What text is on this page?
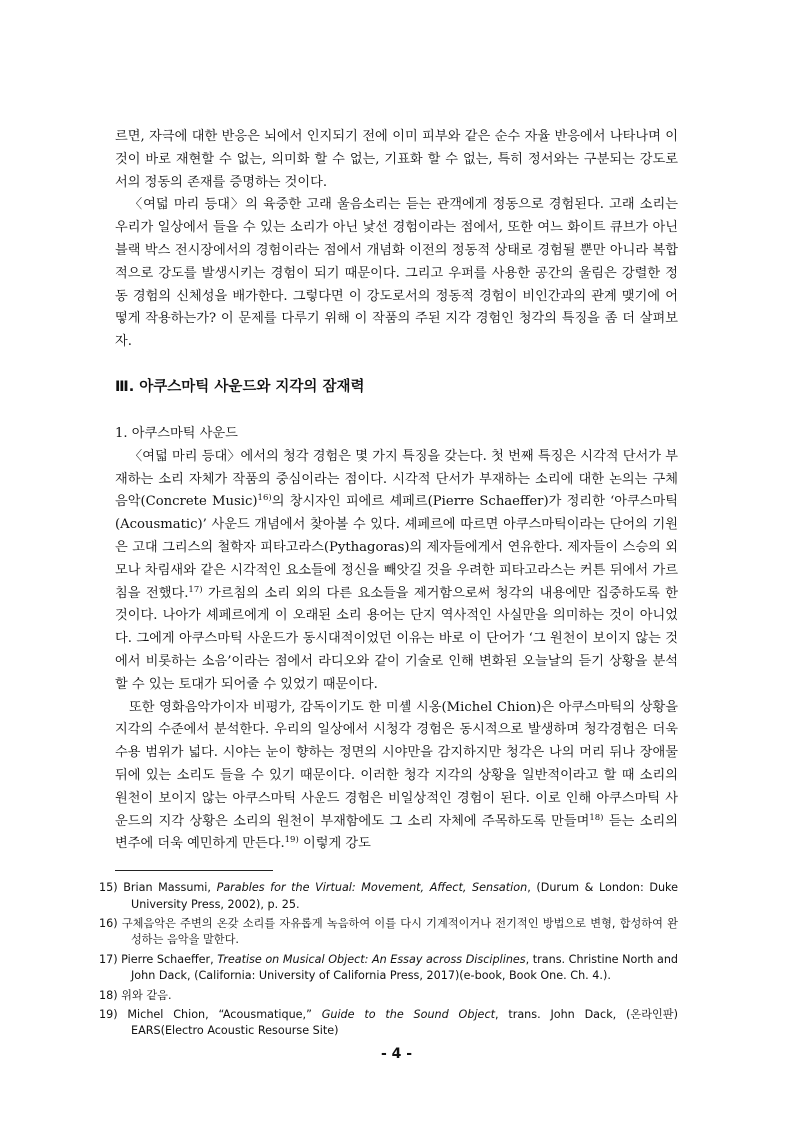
르면, 자극에 대한 반응은 뇌에서 인지되기 전에 이미 피부와 같은 순수 자율 반응에서 나타나며 이것이 바로 재현할 수 없는, 의미화 할 수 없는, 기표화 할 수 없는, 특히 정서와는 구분되는 강도로서의 정동의 존재를 증명하는 것이다.

〈여덟 마리 등대〉의 육중한 고래 울음소리는 듣는 관객에게 정동으로 경험된다. 고래 소리는 우리가 일상에서 들을 수 있는 소리가 아닌 낯선 경험이라는 점에서, 또한 여느 화이트 큐브가 아닌 블랙 박스 전시장에서의 경험이라는 점에서 개념화 이전의 정동적 상태로 경험될 뿐만 아니라 복합적으로 강도를 발생시키는 경험이 되기 때문이다. 그리고 우퍼를 사용한 공간의 울림은 강렬한 정동 경험의 신체성을 배가한다. 그렇다면 이 강도로서의 정동적 경험이 비인간과의 관계 맺기에 어떻게 작용하는가? 이 문제를 다루기 위해 이 작품의 주된 지각 경험인 청각의 특징을 좀 더 살펴보자.

Ⅲ. 아쿠스마틱 사운드와 지각의 잠재력

1. 아쿠스마틱 사운드

〈여덟 마리 등대〉에서의 청각 경험은 몇 가지 특징을 갖는다. 첫 번째 특징은 시각적 단서가 부재하는 소리 자체가 작품의 중심이라는 점이다. 시각적 단서가 부재하는 소리에 대한 논의는 구체 음악(Concrete Music)$^{16)}$의 창시자인 피에르 셰페르(Pierre Schaeffer)가 정리한 ‘아쿠스마틱(Acousmatic)’ 사운드 개념에서 찾아볼 수 있다. 셰페르에 따르면 아쿠스마틱이라는 단어의 기원은 고대 그리스의 철학자 피타고라스(Pythagoras)의 제자들에게서 연유한다. 제자들이 스승의 외모나 차림새와 같은 시각적인 요소들에 정신을 빼앗길 것을 우려한 피타고라스는 커튼 뒤에서 가르침을 전했다.$^{17)}$ 가르침의 소리 외의 다른 요소들을 제거함으로써 청각의 내용에만 집중하도록 한 것이다. 나아가 셰페르에게 이 오래된 소리 용어는 단지 역사적인 사실만을 의미하는 것이 아니었다. 그에게 아쿠스마틱 사운드가 동시대적이었던 이유는 바로 이 단어가 ‘그 원천이 보이지 않는 것에서 비롯하는 소음’이라는 점에서 라디오와 같이 기술로 인해 변화된 오늘날의 듣기 상황을 분석할 수 있는 토대가 되어줄 수 있었기 때문이다.

또한 영화음악가이자 비평가, 감독이기도 한 미셸 시옹(Michel Chion)은 아쿠스마틱의 상황을 지각의 수준에서 분석한다. 우리의 일상에서 시청각 경험은 동시적으로 발생하며 청각경험은 더욱 수용 범위가 넓다. 시야는 눈이 향하는 정면의 시야만을 감지하지만 청각은 나의 머리 뒤나 장애물 뒤에 있는 소리도 들을 수 있기 때문이다. 이러한 청각 지각의 상황을 일반적이라고 할 때 소리의 원천이 보이지 않는 아쿠스마틱 사운드 경험은 비일상적인 경험이 된다. 이로 인해 아쿠스마틱 사운드의 지각 상황은 소리의 원천이 부재함에도 그 소리 자체에 주목하도록 만들며$^{18)}$ 듣는 소리의 변주에 더욱 예민하게 만든다.$^{19)}$ 이렇게 강도

15) Brian Massumi, Parables for the Virtual: Movement, Affect, Sensation, (Durum & London: Duke University Press, 2002), p. 25.

16) 구체음악은 주변의 온갖 소리를 자유롭게 녹음하여 이를 다시 기계적이거나 전기적인 방법으로 변형, 합성하여 완성하는 음악을 말한다.

17) Pierre Schaeffer, Treatise on Musical Object: An Essay across Disciplines, trans. Christine North and John Dack, (California: University of California Press, 2017)(e-book, Book One. Ch. 4.).

18) 위와 같음.

19) Michel Chion, “Acousmatique,” Guide to the Sound Object, trans. John Dack, (온라인판) EARS(Electro Acoustic Resourse Site)

- 4 -
